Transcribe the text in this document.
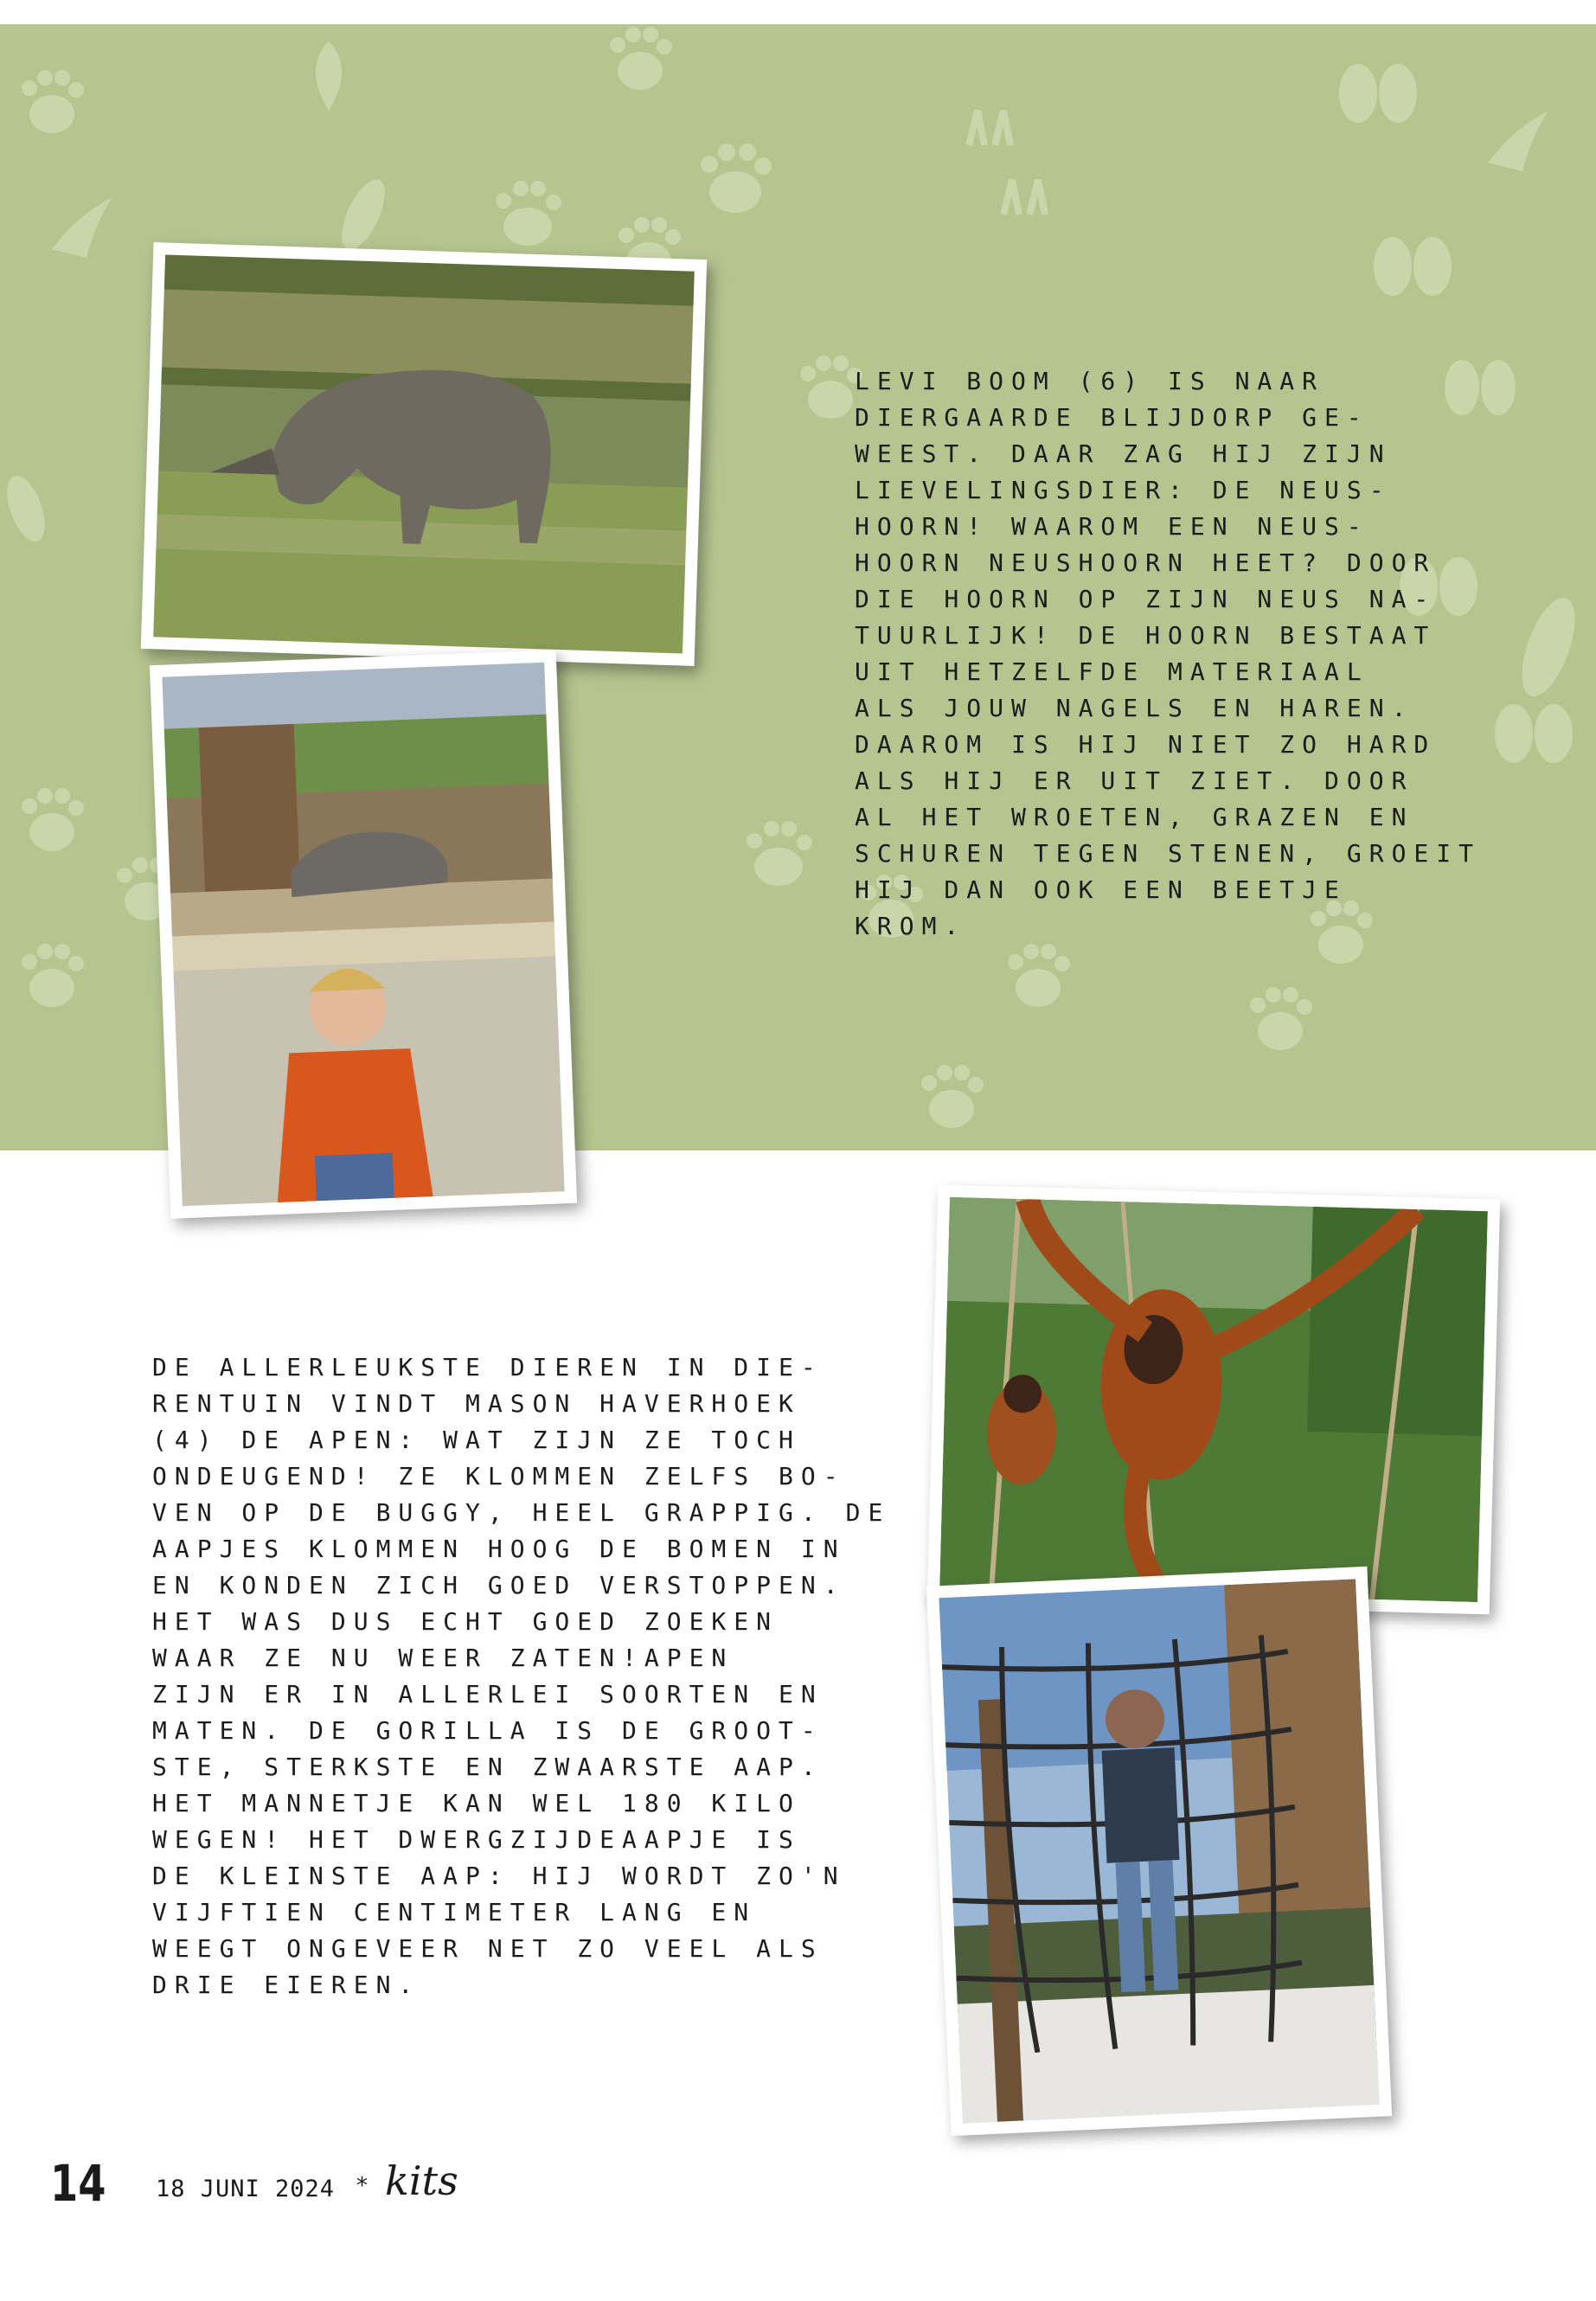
LEVI BOOM (6) IS NAAR
DIERGAARDE BLIJDORP GE-
WEEST. DAAR ZAG HIJ ZIJN
LIEVELINGSDIER: DE NEUS-
HOORN! WAAROM EEN NEUS-
HOORN NEUSHOORN HEET? DOOR
DIE HOORN OP ZIJN NEUS NA-
TUURLIJK! DE HOORN BESTAAT
UIT HETZELFDE MATERIAAL
ALS JOUW NAGELS EN HAREN.
DAAROM IS HIJ NIET ZO HARD
ALS HIJ ER UIT ZIET. DOOR
AL HET WROETEN, GRAZEN EN
SCHUREN TEGEN STENEN, GROEIT
HIJ DAN OOK EEN BEETJE
KROM.
DE ALLERLEUKSTE DIEREN IN DIE-
RENTUIN VINDT MASON HAVERHOEK
(4) DE APEN: WAT ZIJN ZE TOCH
ONDEUGEND! ZE KLOMMEN ZELFS BO-
VEN OP DE BUGGY, HEEL GRAPPIG. DE
AAPJES KLOMMEN HOOG DE BOMEN IN
EN KONDEN ZICH GOED VERSTOPPEN.
HET WAS DUS ECHT GOED ZOEKEN
WAAR ZE NU WEER ZATEN!APEN
ZIJN ER IN ALLERLEI SOORTEN EN
MATEN. DE GORILLA IS DE GROOT-
STE, STERKSTE EN ZWAARSTE AAP.
HET MANNETJE KAN WEL 180 KILO
WEGEN! HET DWERGZIJDEAAPJE IS
DE KLEINSTE AAP: HIJ WORDT ZO'N
VIJFTIEN CENTIMETER LANG EN
WEEGT ONGEVEER NET ZO VEEL ALS
DRIE EIEREN.
14 18 JUNI 2024 * kits
